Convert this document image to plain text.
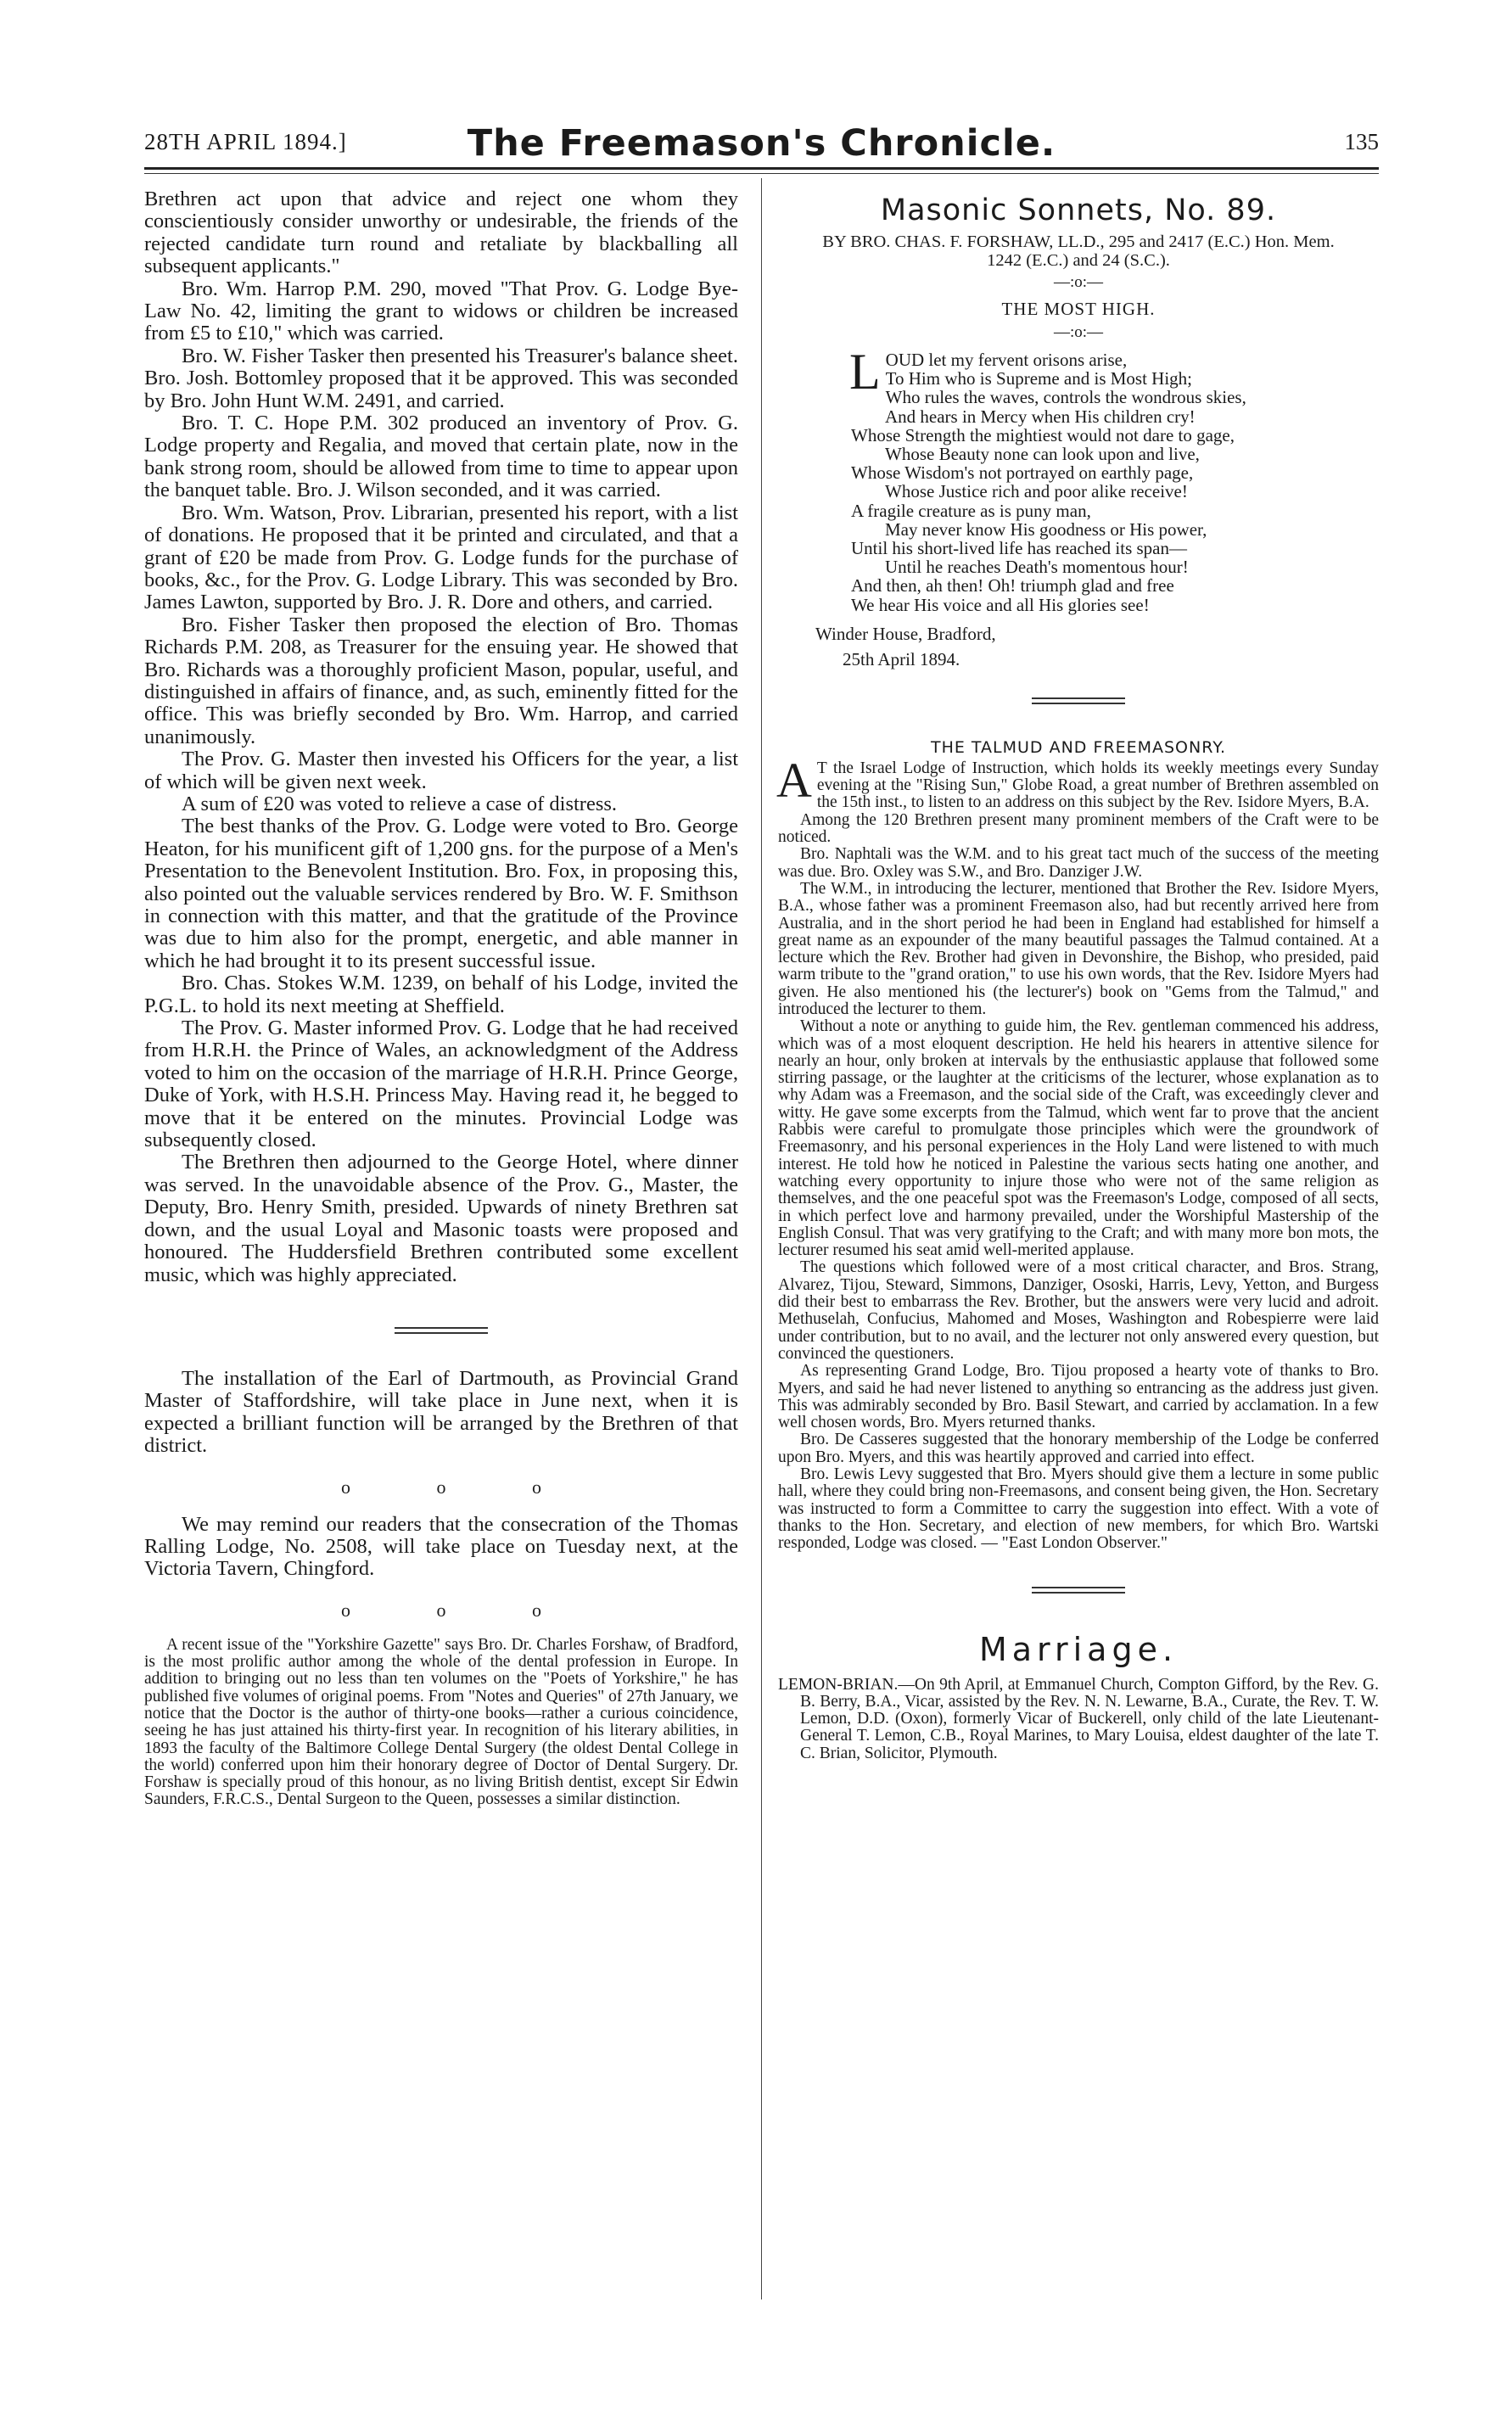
28TH APRIL 1894.]	The Freemason's Chronicle.	135

Brethren act upon that advice and reject one whom they conscientiously consider unworthy or undesirable, the friends of the rejected candidate turn round and retaliate by blackballing all subsequent applicants."

Bro. Wm. Harrop P.M. 290, moved "That Prov. G. Lodge Bye-Law No. 42, limiting the grant to widows or children be increased from £5 to £10," which was carried.

Bro. W. Fisher Tasker then presented his Treasurer's balance sheet. Bro. Josh. Bottomley proposed that it be approved. This was seconded by Bro. John Hunt W.M. 2491, and carried.

Bro. T. C. Hope P.M. 302 produced an inventory of Prov. G. Lodge property and Regalia, and moved that certain plate, now in the bank strong room, should be allowed from time to time to appear upon the banquet table. Bro. J. Wilson seconded, and it was carried.

Bro. Wm. Watson, Prov. Librarian, presented his report, with a list of donations. He proposed that it be printed and circulated, and that a grant of £20 be made from Prov. G. Lodge funds for the purchase of books, &c., for the Prov. G. Lodge Library. This was seconded by Bro. James Lawton, supported by Bro. J. R. Dore and others, and carried.

Bro. Fisher Tasker then proposed the election of Bro. Thomas Richards P.M. 208, as Treasurer for the ensuing year. He showed that Bro. Richards was a thoroughly proficient Mason, popular, useful, and distinguished in affairs of finance, and, as such, eminently fitted for the office. This was briefly seconded by Bro. Wm. Harrop, and carried unanimously.

The Prov. G. Master then invested his Officers for the year, a list of which will be given next week.

A sum of £20 was voted to relieve a case of distress.

The best thanks of the Prov. G. Lodge were voted to Bro. George Heaton, for his munificent gift of 1,200 gns. for the purpose of a Men's Presentation to the Benevolent Institution. Bro. Fox, in proposing this, also pointed out the valuable services rendered by Bro. W. F. Smithson in connection with this matter, and that the gratitude of the Province was due to him also for the prompt, energetic, and able manner in which he had brought it to its present successful issue.

Bro. Chas. Stokes W.M. 1239, on behalf of his Lodge, invited the P.G.L. to hold its next meeting at Sheffield.

The Prov. G. Master informed Prov. G. Lodge that he had received from H.R.H. the Prince of Wales, an acknowledgment of the Address voted to him on the occasion of the marriage of H.R.H. Prince George, Duke of York, with H.S.H. Princess May. Having read it, he begged to move that it be entered on the minutes. Provincial Lodge was subsequently closed.

The Brethren then adjourned to the George Hotel, where dinner was served. In the unavoidable absence of the Prov. G., Master, the Deputy, Bro. Henry Smith, presided. Upwards of ninety Brethren sat down, and the usual Loyal and Masonic toasts were proposed and honoured. The Huddersfield Brethren contributed some excellent music, which was highly appreciated.

The installation of the Earl of Dartmouth, as Provincial Grand Master of Staffordshire, will take place in June next, when it is expected a brilliant function will be arranged by the Brethren of that district.

o o o

We may remind our readers that the consecration of the Thomas Ralling Lodge, No. 2508, will take place on Tuesday next, at the Victoria Tavern, Chingford.

o o o

A recent issue of the "Yorkshire Gazette" says Bro. Dr. Charles Forshaw, of Bradford, is the most prolific author among the whole of the dental profession in Europe. In addition to bringing out no less than ten volumes on the "Poets of Yorkshire," he has published five volumes of original poems. From "Notes and Queries" of 27th January, we notice that the Doctor is the author of thirty-one books—rather a curious coincidence, seeing he has just attained his thirty-first year. In recognition of his literary abilities, in 1893 the faculty of the Baltimore College Dental Surgery (the oldest Dental College in the world) conferred upon him their honorary degree of Doctor of Dental Surgery. Dr. Forshaw is specially proud of this honour, as no living British dentist, except Sir Edwin Saunders, F.R.C.S., Dental Surgeon to the Queen, possesses a similar distinction.

Masonic Sonnets, No. 89.

BY BRO. CHAS. F. FORSHAW, LL.D., 295 and 2417 (E.C.) Hon. Mem.

1242 (E.C.) and 24 (S.C.).

—:o:—
THE MOST HIGH.
—:o:—
L OUD let my fervent orisons arise,
To Him who is Supreme and is Most High;
Who rules the waves, controls the wondrous skies,
And hears in Mercy when His children cry!
Whose Strength the mightiest would not dare to gage,
Whose Beauty none can look upon and live,
Whose Wisdom's not portrayed on earthly page,
Whose Justice rich and poor alike receive!
A fragile creature as is puny man,
May never know His goodness or His power,
Until his short-lived life has reached its span—
Until he reaches Death's momentous hour!
And then, ah then! Oh! triumph glad and free
We hear His voice and all His glories see!
Winder House, Bradford,
25th April 1894.
THE TALMUD AND FREEMASONRY.

A T the Israel Lodge of Instruction, which holds its weekly meetings every Sunday evening at the "Rising Sun," Globe Road, a great number of Brethren assembled on the 15th inst., to listen to an address on this subject by the Rev. Isidore Myers, B.A.

Among the 120 Brethren present many prominent members of the Craft were to be noticed.

Bro. Naphtali was the W.M. and to his great tact much of the success of the meeting was due. Bro. Oxley was S.W., and Bro. Danziger J.W.

The W.M., in introducing the lecturer, mentioned that Brother the Rev. Isidore Myers, B.A., whose father was a prominent Freemason also, had but recently arrived here from Australia, and in the short period he had been in England had established for himself a great name as an expounder of the many beautiful passages the Talmud contained. At a lecture which the Rev. Brother had given in Devonshire, the Bishop, who presided, paid warm tribute to the "grand oration," to use his own words, that the Rev. Isidore Myers had given. He also mentioned his (the lecturer's) book on "Gems from the Talmud," and introduced the lecturer to them.

Without a note or anything to guide him, the Rev. gentleman commenced his address, which was of a most eloquent description. He held his hearers in attentive silence for nearly an hour, only broken at intervals by the enthusiastic applause that followed some stirring passage, or the laughter at the criticisms of the lecturer, whose explanation as to why Adam was a Freemason, and the social side of the Craft, was exceedingly clever and witty. He gave some excerpts from the Talmud, which went far to prove that the ancient Rabbis were careful to promulgate those principles which were the groundwork of Freemasonry, and his personal experiences in the Holy Land were listened to with much interest. He told how he noticed in Palestine the various sects hating one another, and watching every opportunity to injure those who were not of the same religion as themselves, and the one peaceful spot was the Freemason's Lodge, composed of all sects, in which perfect love and harmony prevailed, under the Worshipful Mastership of the English Consul. That was very gratifying to the Craft; and with many more bon mots, the lecturer resumed his seat amid well-merited applause.

The questions which followed were of a most critical character, and Bros. Strang, Alvarez, Tijou, Steward, Simmons, Danziger, Ososki, Harris, Levy, Yetton, and Burgess did their best to embarrass the Rev. Brother, but the answers were very lucid and adroit. Methuselah, Confucius, Mahomed and Moses, Washington and Robespierre were laid under contribution, but to no avail, and the lecturer not only answered every question, but convinced the questioners.

As representing Grand Lodge, Bro. Tijou proposed a hearty vote of thanks to Bro. Myers, and said he had never listened to anything so entrancing as the address just given. This was admirably seconded by Bro. Basil Stewart, and carried by acclamation. In a few well chosen words, Bro. Myers returned thanks.

Bro. De Casseres suggested that the honorary membership of the Lodge be conferred upon Bro. Myers, and this was heartily approved and carried into effect.

Bro. Lewis Levy suggested that Bro. Myers should give them a lecture in some public hall, where they could bring non-Freemasons, and consent being given, the Hon. Secretary was instructed to form a Committee to carry the suggestion into effect. With a vote of thanks to the Hon. Secretary, and election of new members, for which Bro. Wartski responded, Lodge was closed. — "East London Observer."

Marriage.

LEMON-BRIAN.—On 9th April, at Emmanuel Church, Compton Gifford, by the Rev. G. B. Berry, B.A., Vicar, assisted by the Rev. N. N. Lewarne, B.A., Curate, the Rev. T. W. Lemon, D.D. (Oxon), formerly Vicar of Buckerell, only child of the late Lieutenant-General T. Lemon, C.B., Royal Marines, to Mary Louisa, eldest daughter of the late T. C. Brian, Solicitor, Plymouth.
